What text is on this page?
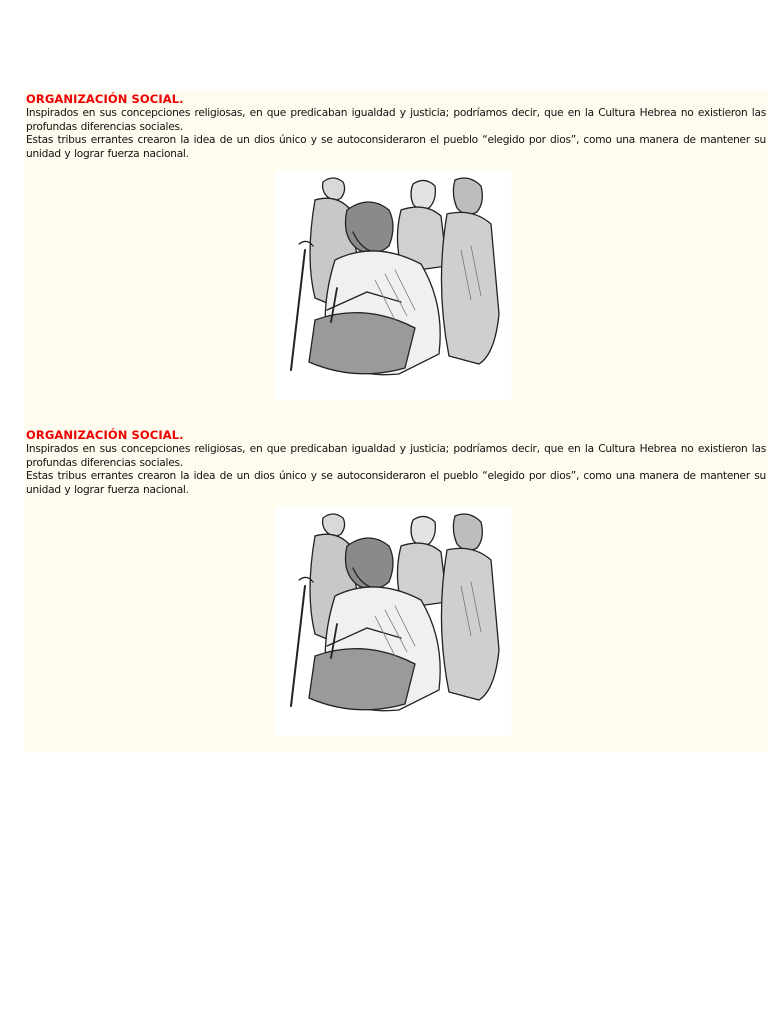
ORGANIZACIÓN SOCIAL.

Inspirados en sus concepciones religiosas, en que predicaban igualdad y justicia; podríamos decir, que en la Cultura Hebrea no existieron las profundas diferencias sociales.

Estas tribus errantes crearon la idea de un dios único y se autoconsideraron el pueblo “elegido por dios”, como una manera de mantener su unidad y lograr fuerza nacional.

ORGANIZACIÓN SOCIAL.

Inspirados en sus concepciones religiosas, en que predicaban igualdad y justicia; podríamos decir, que en la Cultura Hebrea no existieron las profundas diferencias sociales.

Estas tribus errantes crearon la idea de un dios único y se autoconsideraron el pueblo “elegido por dios”, como una manera de mantener su unidad y lograr fuerza nacional.
